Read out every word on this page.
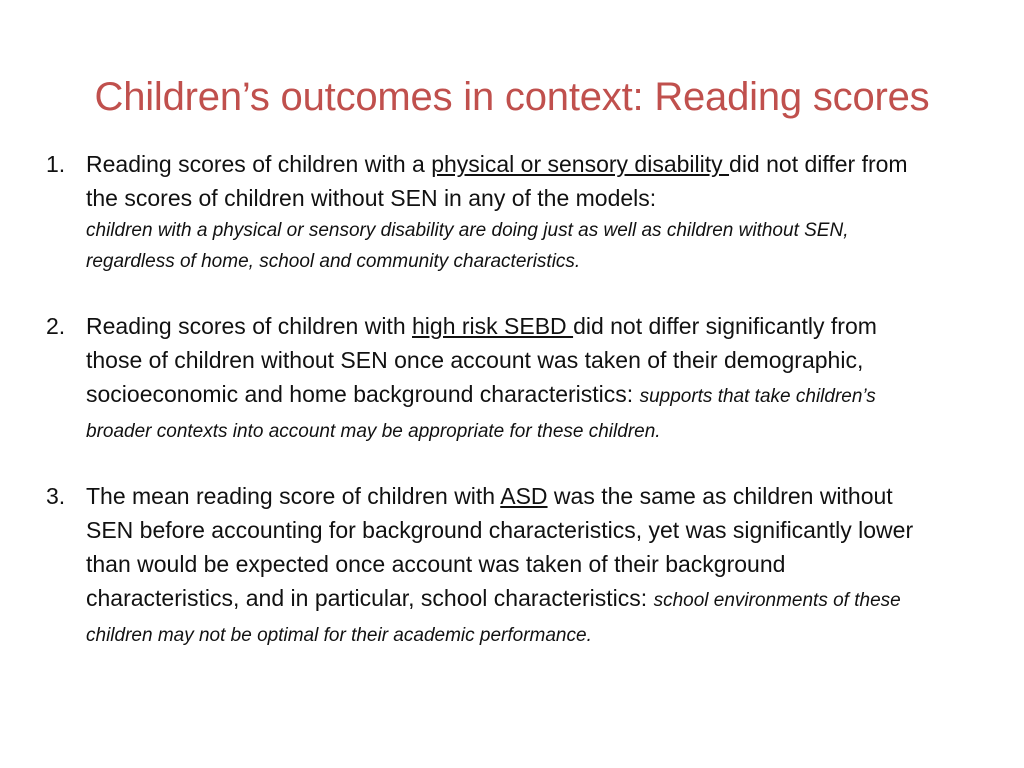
Children’s outcomes in context: Reading scores
1. Reading scores of children with a physical or sensory disability did not differ from the scores of children without SEN in any of the models:
children with a physical or sensory disability are doing just as well as children without SEN, regardless of home, school and community characteristics.
2. Reading scores of children with high risk SEBD did not differ significantly from those of children without SEN once account was taken of their demographic, socioeconomic and home background characteristics: supports that take children’s broader contexts into account may be appropriate for these children.
3. The mean reading score of children with ASD was the same as children without SEN before accounting for background characteristics, yet was significantly lower than would be expected once account was taken of their background characteristics, and in particular, school characteristics: school environments of these children may not be optimal for their academic performance.
